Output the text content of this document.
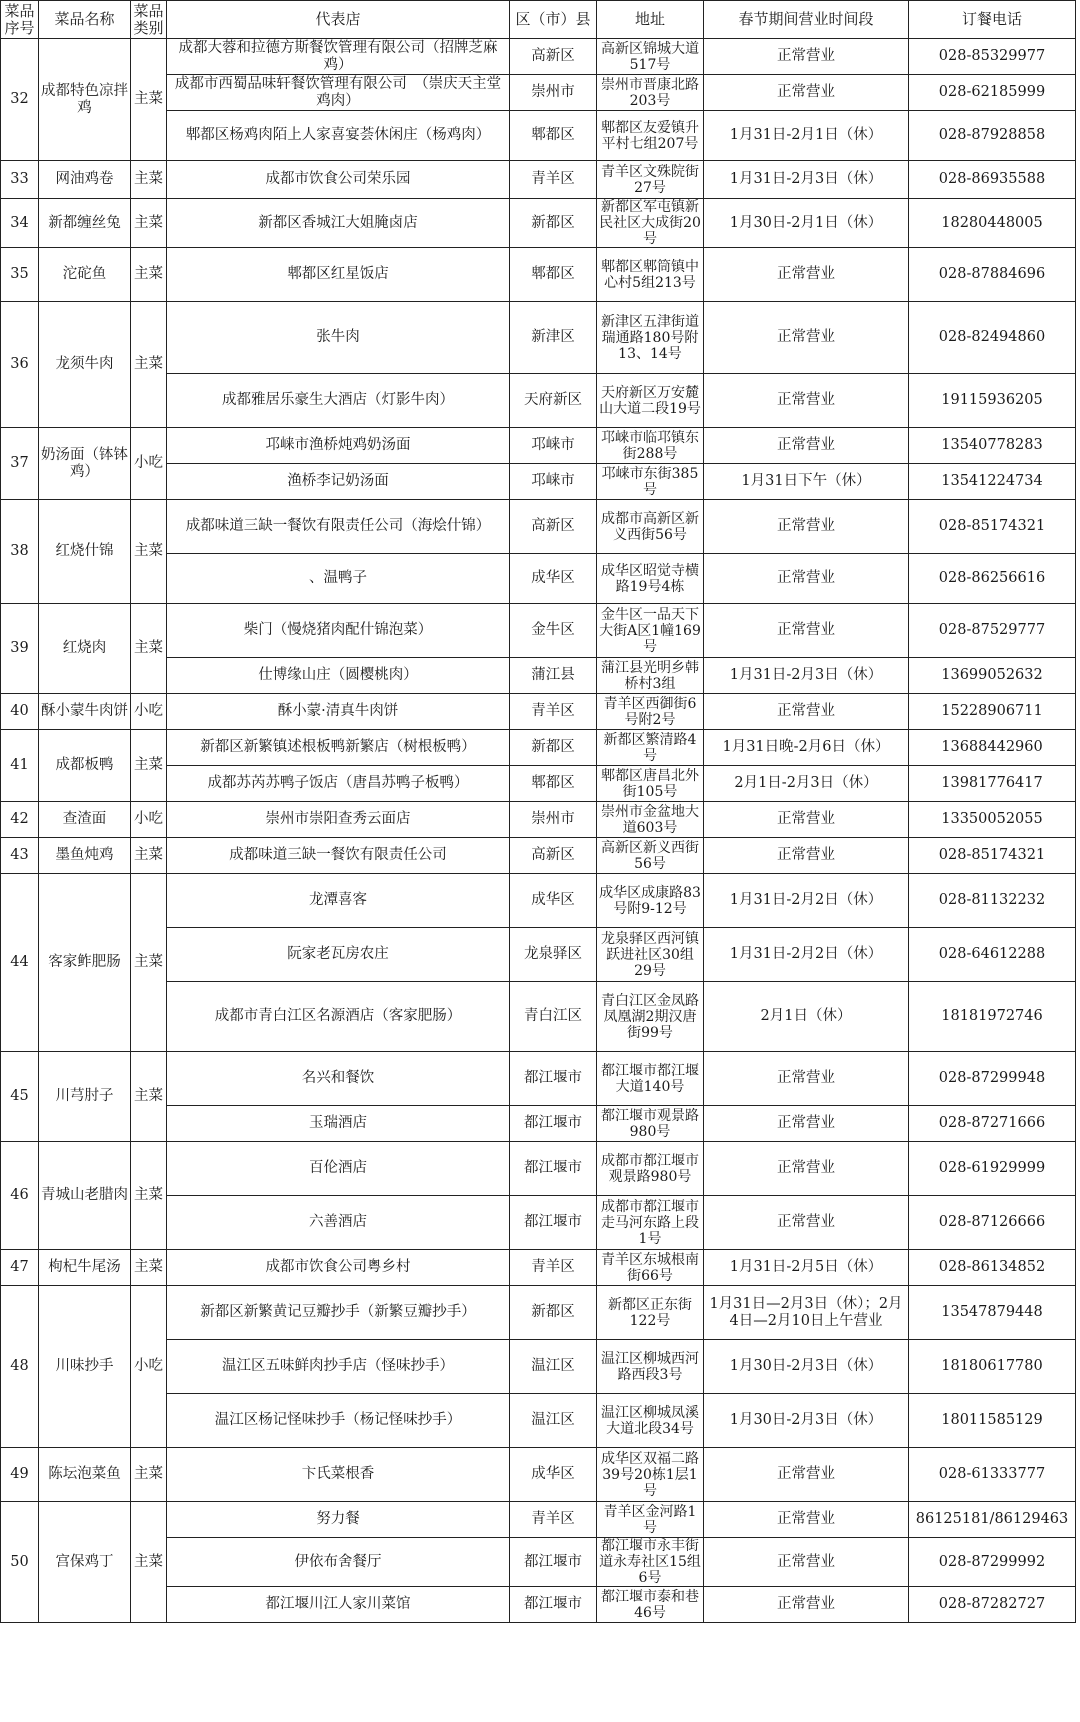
菜品序号	菜品名称	菜品类别	代表店	区（市）县	地址	春节期间营业时间段	订餐电话
32	成都特色凉拌鸡	主菜	成都大蓉和拉德方斯餐饮管理有限公司（招牌芝麻鸡）	高新区	高新区锦城大道517号	正常营业	028-85329977
			成都市西蜀品味轩餐饮管理有限公司　（崇庆天主堂鸡肉）	崇州市	崇州市晋康北路203号	正常营业	028-62185999
			郫都区杨鸡肉陌上人家喜宴荟休闲庄（杨鸡肉）	郫都区	郫都区友爱镇升平村七组207号	1月31日-2月1日（休）	028-87928858
33	网油鸡卷	主菜	成都市饮食公司荣乐园	青羊区	青羊区文殊院街27号	1月31日-2月3日（休）	028-86935588
34	新都缠丝兔	主菜	新都区香城江大姐腌卤店	新都区	新都区军屯镇新民社区大成街20号	1月30日-2月1日（休）	18280448005
35	沱砣鱼	主菜	郫都区红星饭店	郫都区	郫都区郫筒镇中心村5组213号	正常营业	028-87884696
36	龙须牛肉	主菜	张牛肉	新津区	新津区五津街道瑞通路180号附13、14号	正常营业	028-82494860
			成都雅居乐豪生大酒店（灯影牛肉）	天府新区	天府新区万安麓山大道二段19号	正常营业	19115936205
37	奶汤面（钵钵鸡）	小吃	邛崃市渔桥炖鸡奶汤面	邛崃市	邛崃市临邛镇东街288号	正常营业	13540778283
			渔桥李记奶汤面	邛崃市	邛崃市东街385号	1月31日下午（休）	13541224734
38	红烧什锦	主菜	成都味道三缺一餐饮有限责任公司（海烩什锦）	高新区	成都市高新区新义西街56号	正常营业	028-85174321
			、温鸭子	成华区	成华区昭觉寺横路19号4栋	正常营业	028-86256616
39	红烧肉	主菜	柴门（慢烧猪肉配什锦泡菜）	金牛区	金牛区一品天下大街A区1幢169号	正常营业	028-87529777
			仕博缘山庄（圆樱桃肉）	蒲江县	蒲江县光明乡韩桥村3组	1月31日-2月3日（休）	13699052632
40	酥小蒙牛肉饼	小吃	酥小蒙·清真牛肉饼	青羊区	青羊区西御街6号附2号	正常营业	15228906711
41	成都板鸭	主菜	新都区新繁镇述根板鸭新繁店（树根板鸭）	新都区	新都区繁清路4号	1月31日晚-2月6日（休）	13688442960
			成都苏芮苏鸭子饭店（唐昌苏鸭子板鸭）	郫都区	郫都区唐昌北外街105号	2月1日-2月3日（休）	13981776417
42	查渣面	小吃	崇州市崇阳查秀云面店	崇州市	崇州市金盆地大道603号	正常营业	13350052055
43	墨鱼炖鸡	主菜	成都味道三缺一餐饮有限责任公司	高新区	高新区新义西街56号	正常营业	028-85174321
44	客家鲊肥肠	主菜	龙潭喜客	成华区	成华区成康路83号附9-12号	1月31日-2月2日（休）	028-81132232
			阮家老瓦房农庄	龙泉驿区	龙泉驿区西河镇跃进社区30组29号	1月31日-2月2日（休）	028-64612288
			成都市青白江区名源酒店（客家肥肠）	青白江区	青白江区金凤路凤凰湖2期汉唐街99号	2月1日（休）	18181972746
45	川芎肘子	主菜	名兴和餐饮	都江堰市	都江堰市都江堰大道140号	正常营业	028-87299948
			玉瑞酒店	都江堰市	都江堰市观景路980号	正常营业	028-87271666
46	青城山老腊肉	主菜	百伦酒店	都江堰市	成都市都江堰市观景路980号	正常营业	028-61929999
			六善酒店	都江堰市	成都市都江堰市走马河东路上段1号	正常营业	028-87126666
47	枸杞牛尾汤	主菜	成都市饮食公司粤乡村	青羊区	青羊区东城根南街66号	1月31日-2月5日（休）	028-86134852
48	川味抄手	小吃	新都区新繁黄记豆瓣抄手（新繁豆瓣抄手）	新都区	新都区正东街122号	1月31日—2月3日（休）；2月4日—2月10日上午营业	13547879448
			温江区五味鲜肉抄手店（怪味抄手）	温江区	温江区柳城西河路西段3号	1月30日-2月3日（休）	18180617780
			温江区杨记怪味抄手（杨记怪味抄手）	温江区	温江区柳城凤溪大道北段34号	1月30日-2月3日（休）	18011585129
49	陈坛泡菜鱼	主菜	卞氏菜根香	成华区	成华区双福二路39号20栋1层1号	正常营业	028-61333777
50	宫保鸡丁	主菜	努力餐	青羊区	青羊区金河路1号	正常营业	86125181/86129463
			伊依布舍餐厅	都江堰市	都江堰市永丰街道永寿社区15组6号	正常营业	028-87299992
			都江堰川江人家川菜馆	都江堰市	都江堰市泰和巷46号	正常营业	028-87282727
